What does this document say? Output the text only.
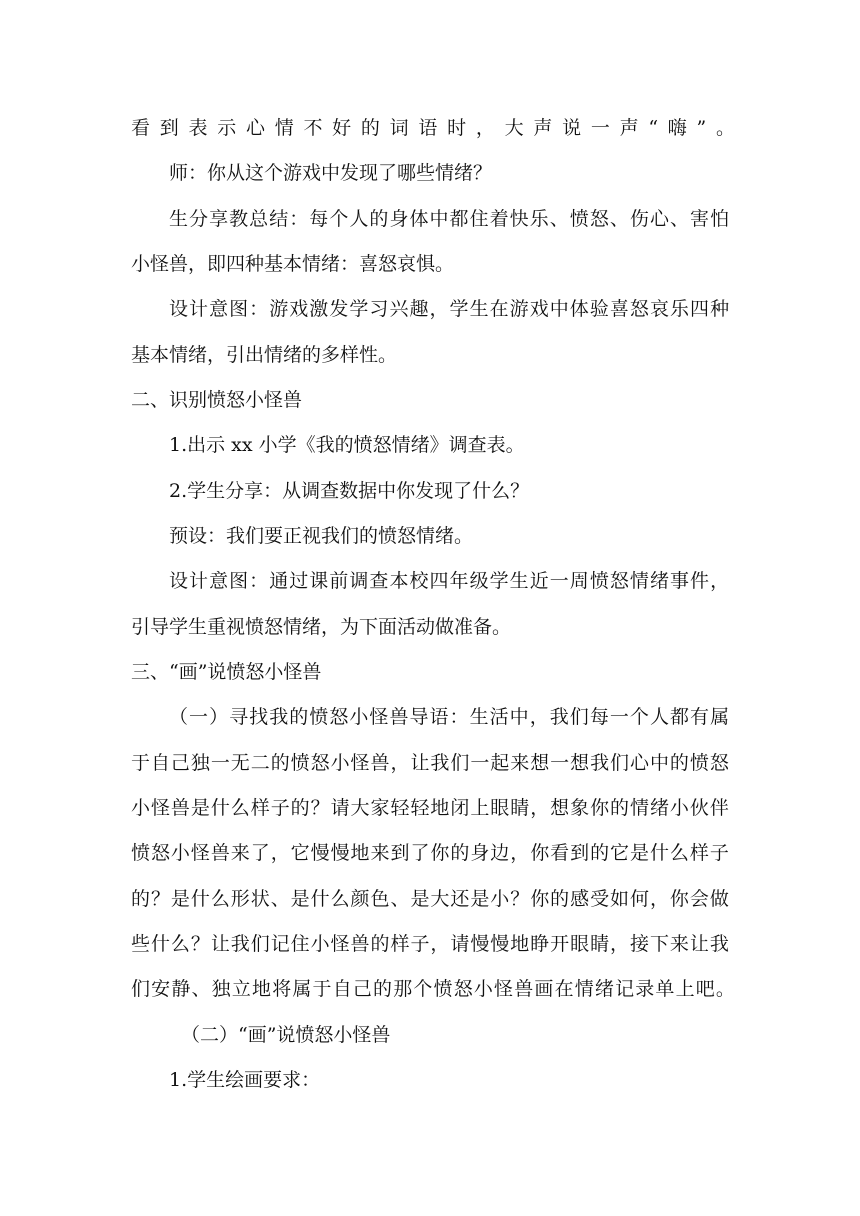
看到表示心情不好的词语时，大声说一声“嗨”。
师：你从这个游戏中发现了哪些情绪？
生分享教总结：每个人的身体中都住着快乐、愤怒、伤心、害怕
小怪兽，即四种基本情绪：喜怒哀惧。
设计意图：游戏激发学习兴趣，学生在游戏中体验喜怒哀乐四种
基本情绪，引出情绪的多样性。
二、识别愤怒小怪兽
1.出示 xx 小学《我的愤怒情绪》调查表。
2.学生分享：从调查数据中你发现了什么？
预设：我们要正视我们的愤怒情绪。
设计意图：通过课前调查本校四年级学生近一周愤怒情绪事件，
引导学生重视愤怒情绪，为下面活动做准备。
三、“画”说愤怒小怪兽
（一）寻找我的愤怒小怪兽导语：生活中，我们每一个人都有属
于自己独一无二的愤怒小怪兽，让我们一起来想一想我们心中的愤怒
小怪兽是什么样子的？请大家轻轻地闭上眼睛，想象你的情绪小伙伴
愤怒小怪兽来了，它慢慢地来到了你的身边，你看到的它是什么样子
的？是什么形状、是什么颜色、是大还是小？你的感受如何，你会做
些什么？让我们记住小怪兽的样子，请慢慢地睁开眼睛，接下来让我
们安静、独立地将属于自己的那个愤怒小怪兽画在情绪记录单上吧。
（二）“画”说愤怒小怪兽
1.学生绘画要求：
